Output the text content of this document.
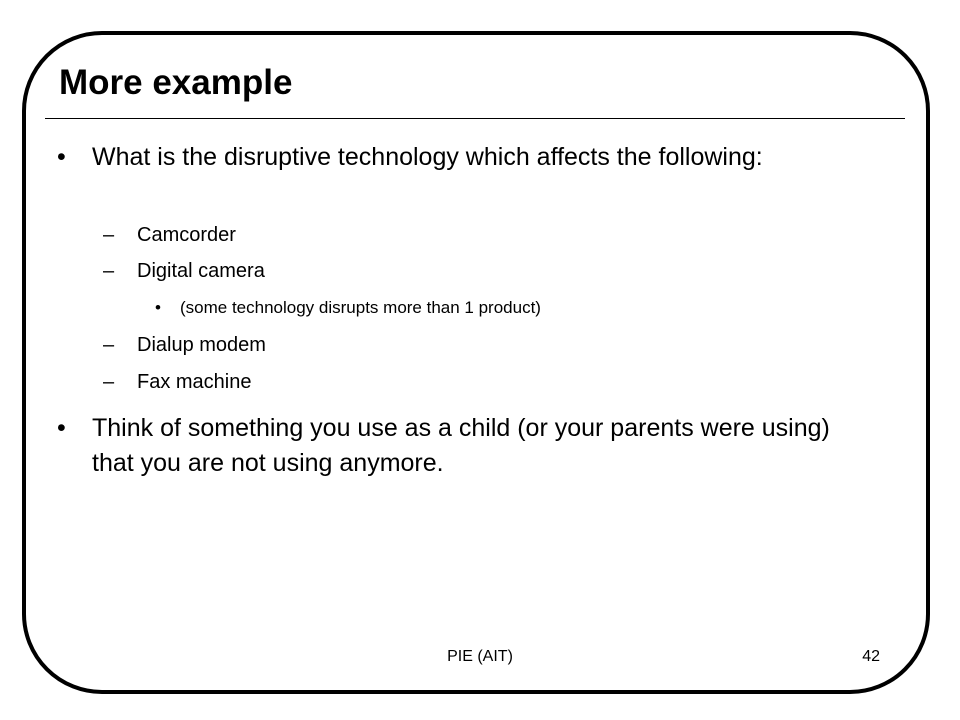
More example
• What is the disruptive technology which affects the following:
– Camcorder
– Digital camera
• (some technology disrupts more than 1 product)
– Dialup modem
– Fax machine
• Think of something you use as a child (or your parents were using) that you are not using anymore.
PIE (AIT)	42
